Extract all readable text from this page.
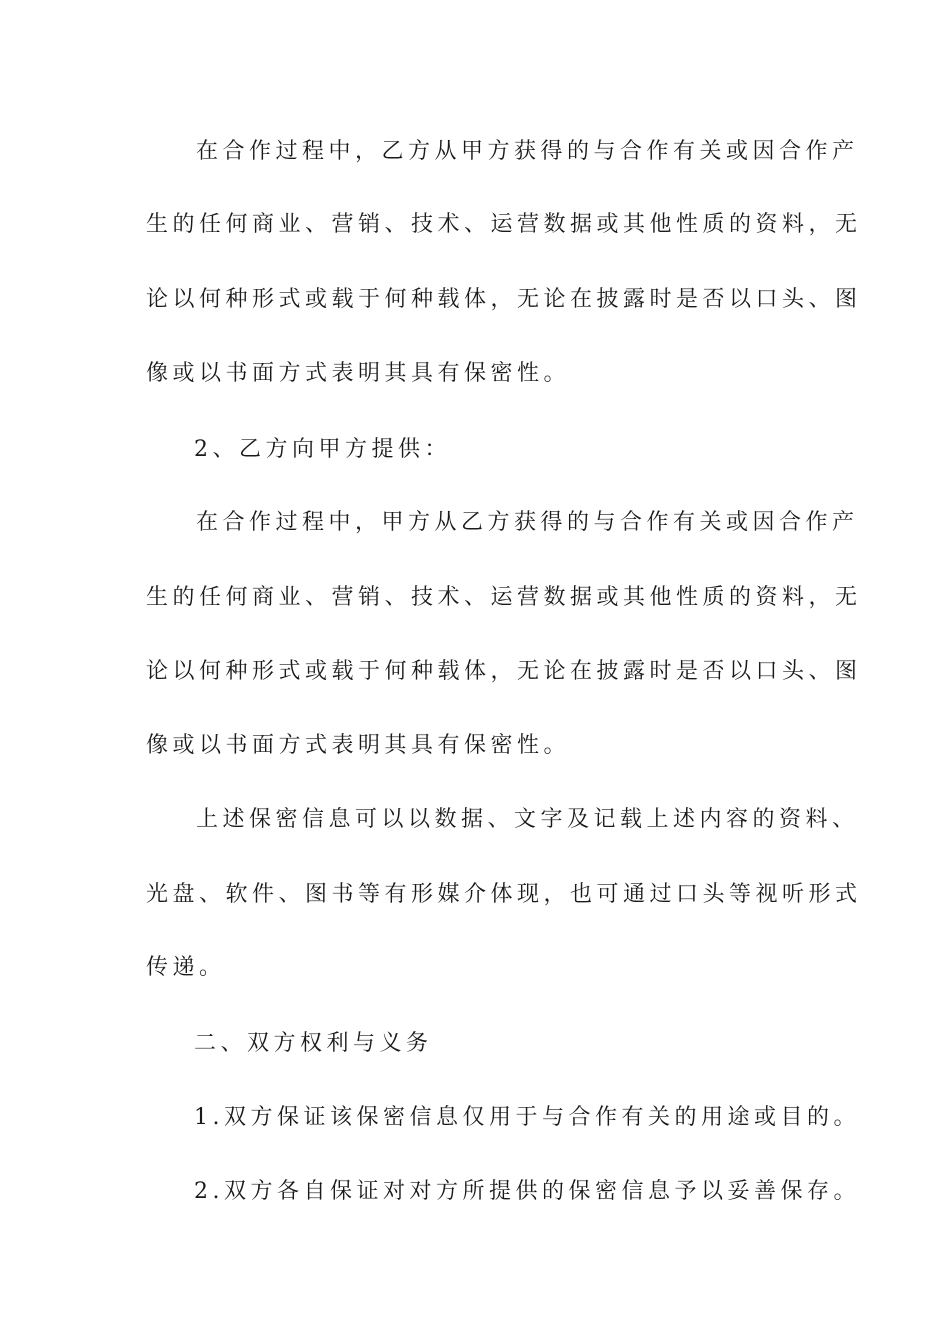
在合作过程中，乙方从甲方获得的与合作有关或因合作产
生的任何商业、营销、技术、运营数据或其他性质的资料，无
论以何种形式或载于何种载体，无论在披露时是否以口头、图
像或以书面方式表明其具有保密性。
2、乙方向甲方提供：
在合作过程中，甲方从乙方获得的与合作有关或因合作产
生的任何商业、营销、技术、运营数据或其他性质的资料，无
论以何种形式或载于何种载体，无论在披露时是否以口头、图
像或以书面方式表明其具有保密性。
上述保密信息可以以数据、文字及记载上述内容的资料、
光盘、软件、图书等有形媒介体现，也可通过口头等视听形式
传递。
二、双方权利与义务
1.双方保证该保密信息仅用于与合作有关的用途或目的。
2.双方各自保证对对方所提供的保密信息予以妥善保存。
